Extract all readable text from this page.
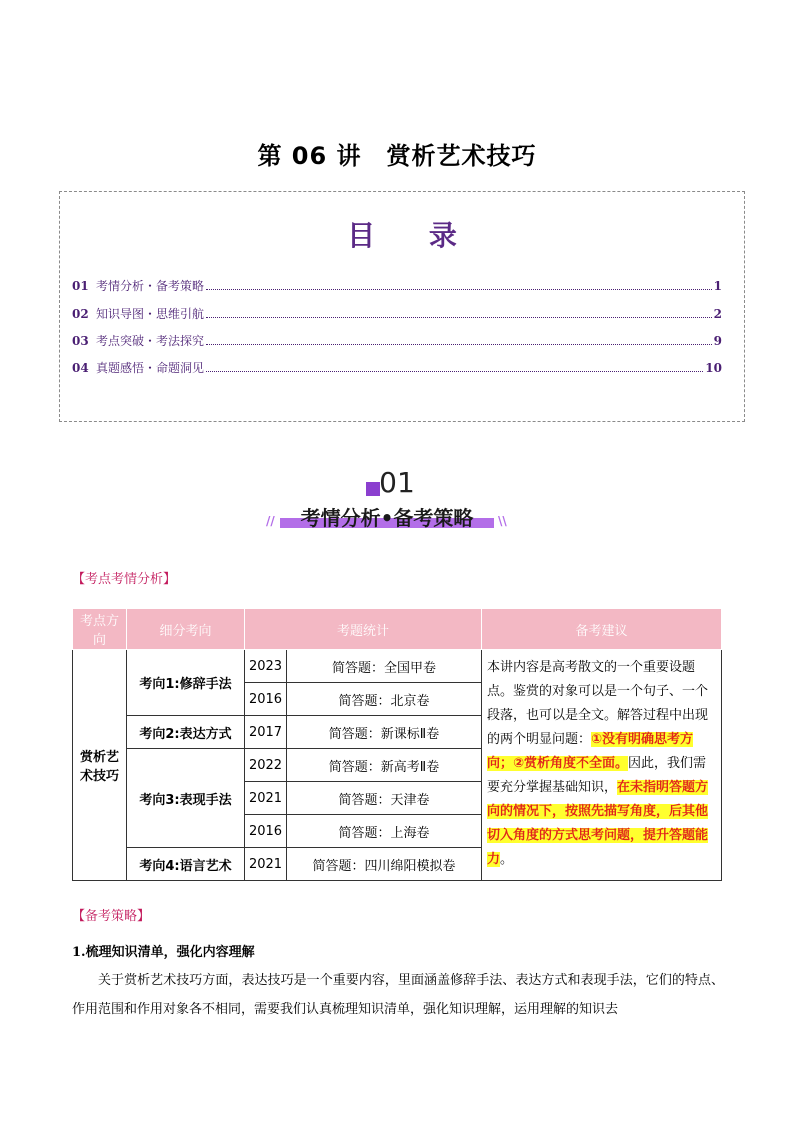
第 06 讲　赏析艺术技巧
目 录
01 考情分析・备考策略	1
02 知识导图・思维引航	2
03 考点突破・考法探究	9
04 真题感悟・命题洞见	10
01
//	考情分析•备考策略	\\
【考点考情分析】
考点方向	细分考向	考题统计		备考建议
赏析艺术技巧	考向1:修辞手法	2023	简答题：全国甲卷	本讲内容是高考散文的一个重要设题点。鉴赏的对象可以是一个句子、一个段落，也可以是全文。解答过程中出现的两个明显问题：①没有明确思考方向；②赏析角度不全面。因此，我们需要充分掌握基础知识，在未指明答题方向的情况下，按照先描写角度，后其他切入角度的方式思考问题，提升答题能力。
		2016	简答题：北京卷	
	考向2:表达方式	2017	简答题：新课标Ⅱ卷	
	考向3:表现手法	2022	简答题：新高考Ⅱ卷	
		2021	简答题：天津卷	
		2016	简答题：上海卷	
	考向4:语言艺术	2021	简答题：四川绵阳模拟卷	
【备考策略】
1.梳理知识清单，强化内容理解
关于赏析艺术技巧方面，表达技巧是一个重要内容，里面涵盖修辞手法、表达方式和表现手法，它们的特点、作用范围和作用对象各不相同，需要我们认真梳理知识清单，强化知识理解，运用理解的知识去
